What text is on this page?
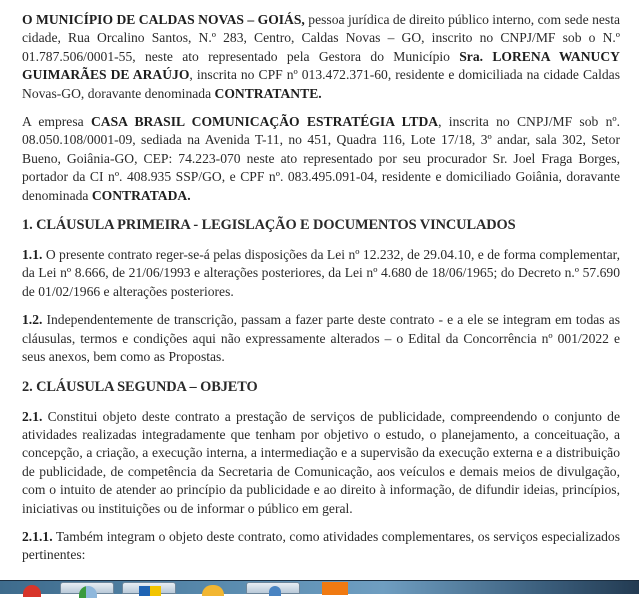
O MUNICÍPIO DE CALDAS NOVAS – GOIÁS, pessoa jurídica de direito público interno, com sede nesta cidade, Rua Orcalino Santos, N.º 283, Centro, Caldas Novas – GO, inscrito no CNPJ/MF sob o N.º 01.787.506/0001-55, neste ato representado pela Gestora do Município Sra. LORENA WANUCY GUIMARÃES DE ARAÚJO, inscrita no CPF nº 013.472.371-60, residente e domiciliada na cidade Caldas Novas-GO, doravante denominada CONTRATANTE.

A empresa CASA BRASIL COMUNICAÇÃO ESTRATÉGIA LTDA, inscrita no CNPJ/MF sob nº. 08.050.108/0001-09, sediada na Avenida T-11, no 451, Quadra 116, Lote 17/18, 3º andar, sala 302, Setor Bueno, Goiânia-GO, CEP: 74.223-070 neste ato representado por seu procurador Sr. Joel Fraga Borges, portador da CI nº. 408.935 SSP/GO, e CPF nº. 083.495.091-04, residente e domiciliado Goiânia, doravante denominada CONTRATADA.

1. CLÁUSULA PRIMEIRA - LEGISLAÇÃO E DOCUMENTOS VINCULADOS

1.1. O presente contrato reger-se-á pelas disposições da Lei nº 12.232, de 29.04.10, e de forma complementar, da Lei nº 8.666, de 21/06/1993 e alterações posteriores, da Lei nº 4.680 de 18/06/1965; do Decreto n.º 57.690 de 01/02/1966 e alterações posteriores.

1.2. Independentemente de transcrição, passam a fazer parte deste contrato - e a ele se integram em todas as cláusulas, termos e condições aqui não expressamente alterados – o Edital da Concorrência nº 001/2022 e seus anexos, bem como as Propostas.

2. CLÁUSULA SEGUNDA – OBJETO

2.1. Constitui objeto deste contrato a prestação de serviços de publicidade, compreendendo o conjunto de atividades realizadas integradamente que tenham por objetivo o estudo, o planejamento, a conceituação, a concepção, a criação, a execução interna, a intermediação e a supervisão da execução externa e a distribuição de publicidade, de competência da Secretaria de Comunicação, aos veículos e demais meios de divulgação, com o intuito de atender ao princípio da publicidade e ao direito à informação, de difundir ideias, princípios, iniciativas ou instituições ou de informar o público em geral.

2.1.1. Também integram o objeto deste contrato, como atividades complementares, os serviços especializados pertinentes:
